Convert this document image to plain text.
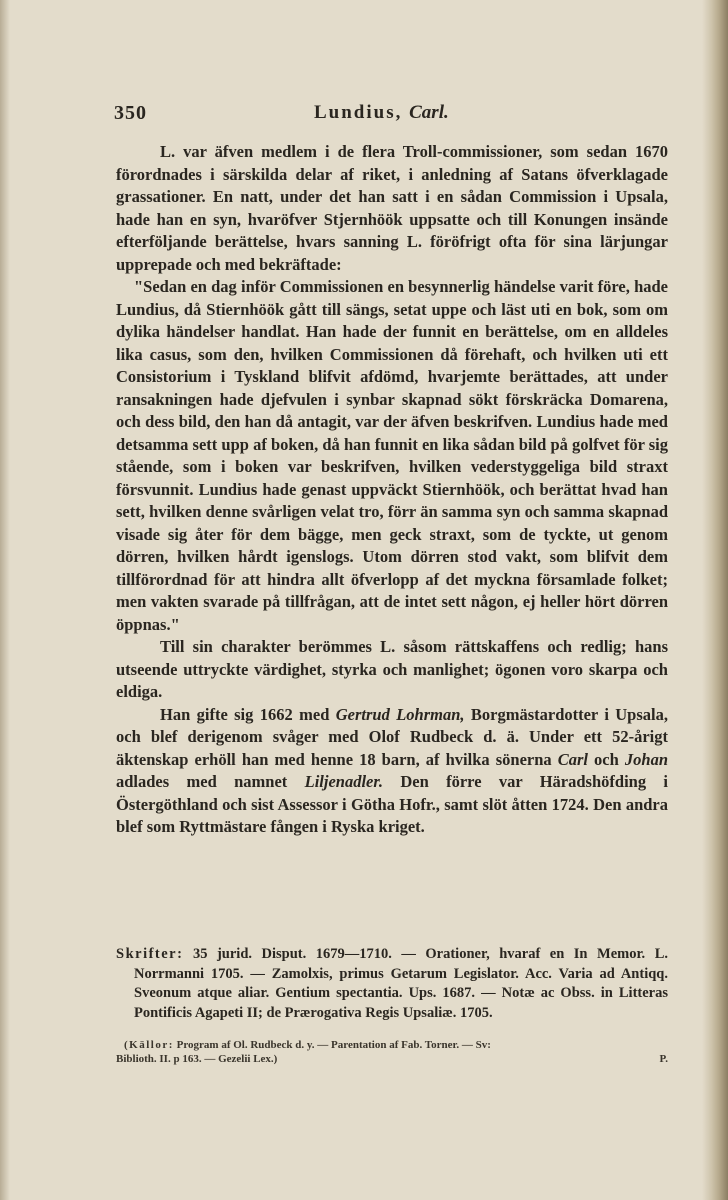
350	Lundius, Carl.

L. var äfven medlem i de flera Troll-commissioner, som sedan 1670 förordnades i särskilda delar af riket, i anledning af Satans öfverklagade grassationer. En natt, under det han satt i en sådan Commission i Upsala, hade han en syn, hvaröfver Stjernhöök uppsatte och till Konungen insände efterföljande berättelse, hvars sanning L. föröfrigt ofta för sina lärjungar upprepade och med bekräftade:

"Sedan en dag inför Commissionen en besynnerlig händelse varit före, hade Lundius, då Stiernhöök gått till sängs, setat uppe och läst uti en bok, som om dylika händelser handlat. Han hade der funnit en berättelse, om en alldeles lika casus, som den, hvilken Commissionen då förehaft, och hvilken uti ett Consistorium i Tyskland blifvit afdömd, hvarjemte berättades, att under ransakningen hade djefvulen i synbar skapnad sökt förskräcka Domarena, och dess bild, den han då antagit, var der äfven beskrifven. Lundius hade med detsamma sett upp af boken, då han funnit en lika sådan bild på golfvet för sig stående, som i boken var beskrifven, hvilken vederstyggeliga bild straxt försvunnit. Lundius hade genast uppväckt Stiernhöök, och berättat hvad han sett, hvilken denne svårligen velat tro, förr än samma syn och samma skapnad visade sig åter för dem bägge, men geck straxt, som de tyckte, ut genom dörren, hvilken hårdt igenslogs. Utom dörren stod vakt, som blifvit dem tillförordnad för att hindra allt öfverlopp af det myckna församlade folket; men vakten svarade på tillfrågan, att de intet sett någon, ej heller hört dörren öppnas."

Till sin charakter berömmes L. såsom rättskaffens och redlig; hans utseende uttryckte värdighet, styrka och manlighet; ögonen voro skarpa och eldiga.

Han gifte sig 1662 med Gertrud Lohrman, Borgmästardotter i Upsala, och blef derigenom svåger med Olof Rudbeck d. ä. Under ett 52-årigt äktenskap erhöll han med henne 18 barn, af hvilka sönerna Carl och Johan adlades med namnet Liljenadler. Den förre var Häradshöfding i Östergöthland och sist Assessor i Götha Hofr., samt slöt åtten 1724. Den andra blef som Ryttmästare fången i Ryska kriget.

Skrifter: 35 jurid. Disput. 1679—1710. — Orationer, hvaraf en In Memor. L. Norrmanni 1705. — Zamolxis, primus Getarum Legislator. Acc. Varia ad Antiqq. Sveonum atque aliar. Gentium spectantia. Ups. 1687. — Notæ ac Obss. in Litteras Pontificis Agapeti II; de Prærogativa Regis Upsaliæ. 1705.

(Källor: Program af Ol. Rudbeck d. y. — Parentation af Fab. Torner. — Sv:
Biblioth. II. p 163. — Gezelii Lex.)	P.
